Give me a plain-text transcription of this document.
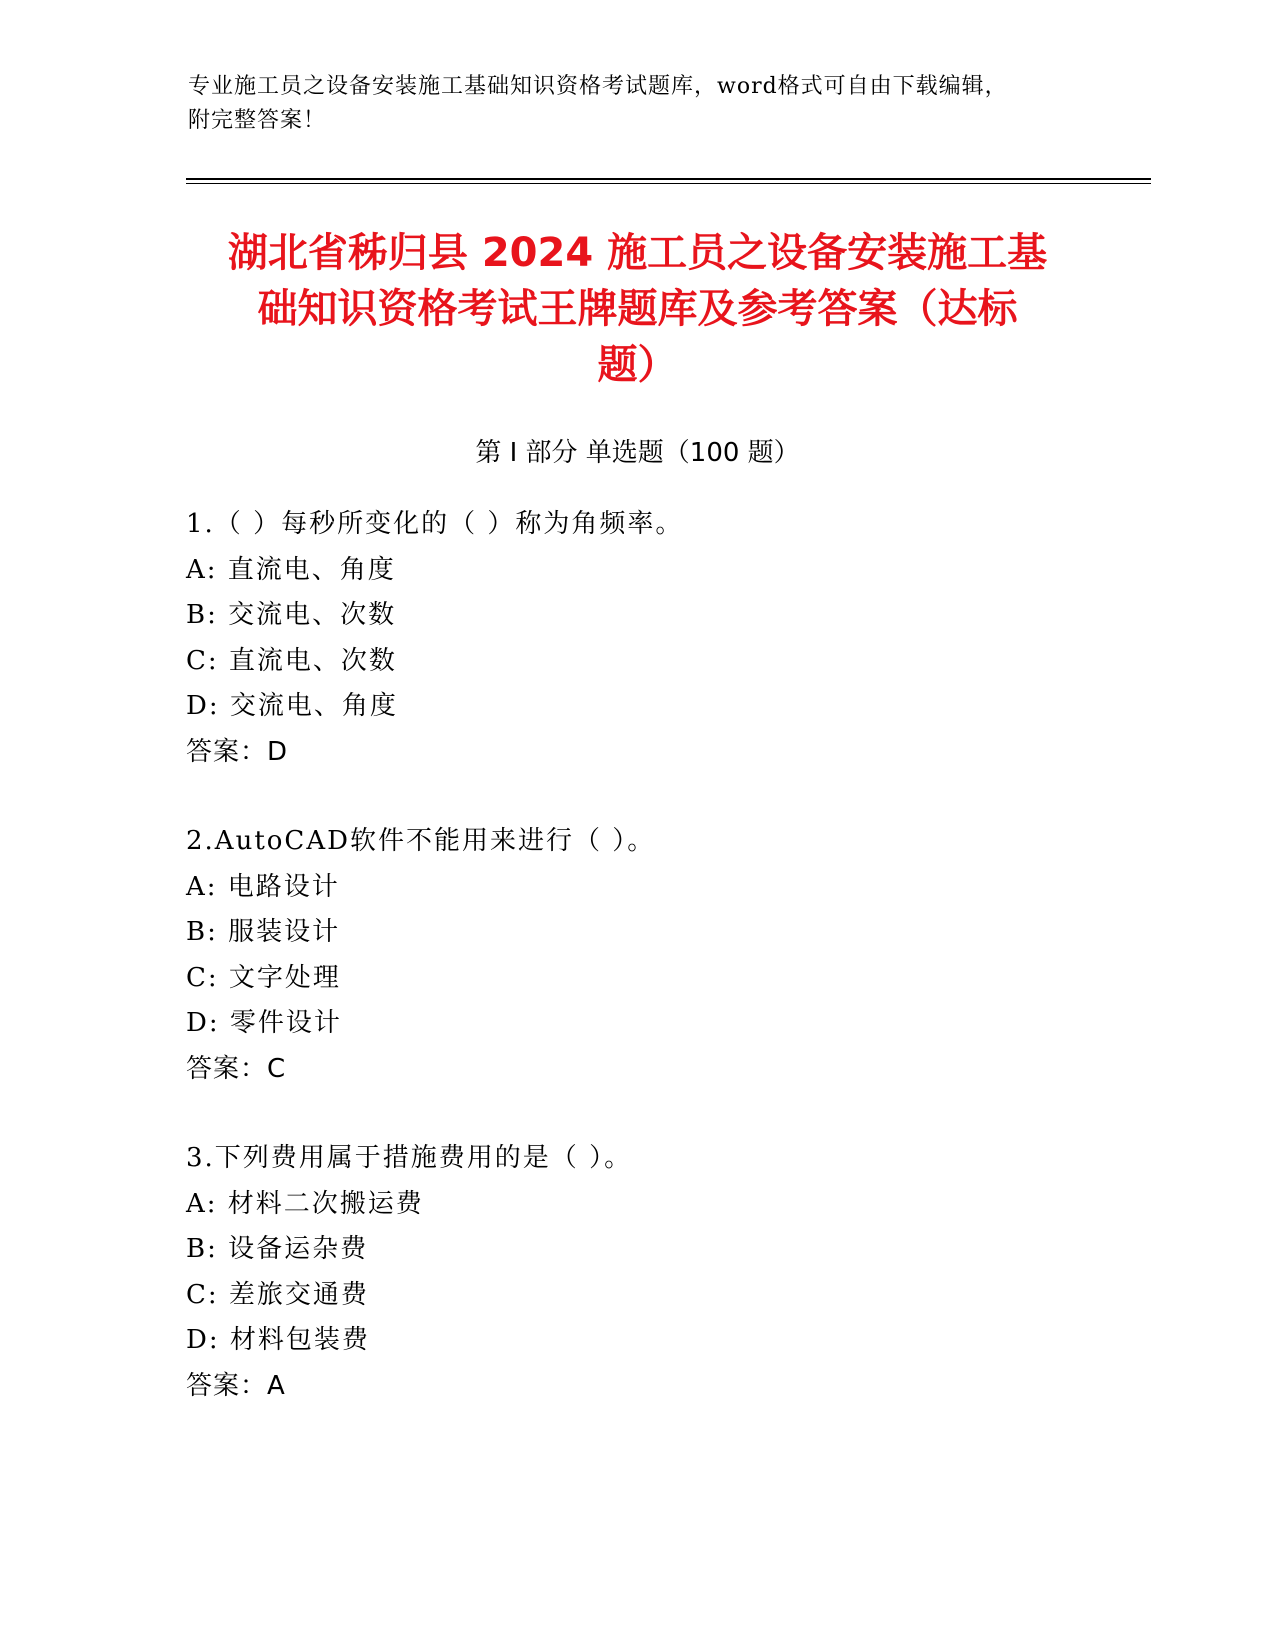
专业施工员之设备安装施工基础知识资格考试题库，word格式可自由下载编辑，
附完整答案！
湖北省秭归县 2024 施工员之设备安装施工基
础知识资格考试王牌题库及参考答案（达标
题）
第 I 部分 单选题（100 题）
1.（ ）每秒所变化的（ ）称为角频率。
A: 直流电、角度
B: 交流电、次数
C: 直流电、次数
D: 交流电、角度
答案：D
2.AutoCAD软件不能用来进行（ ）。
A: 电路设计
B: 服装设计
C: 文字处理
D: 零件设计
答案：C
3.下列费用属于措施费用的是（ ）。
A: 材料二次搬运费
B: 设备运杂费
C: 差旅交通费
D: 材料包装费
答案：A
